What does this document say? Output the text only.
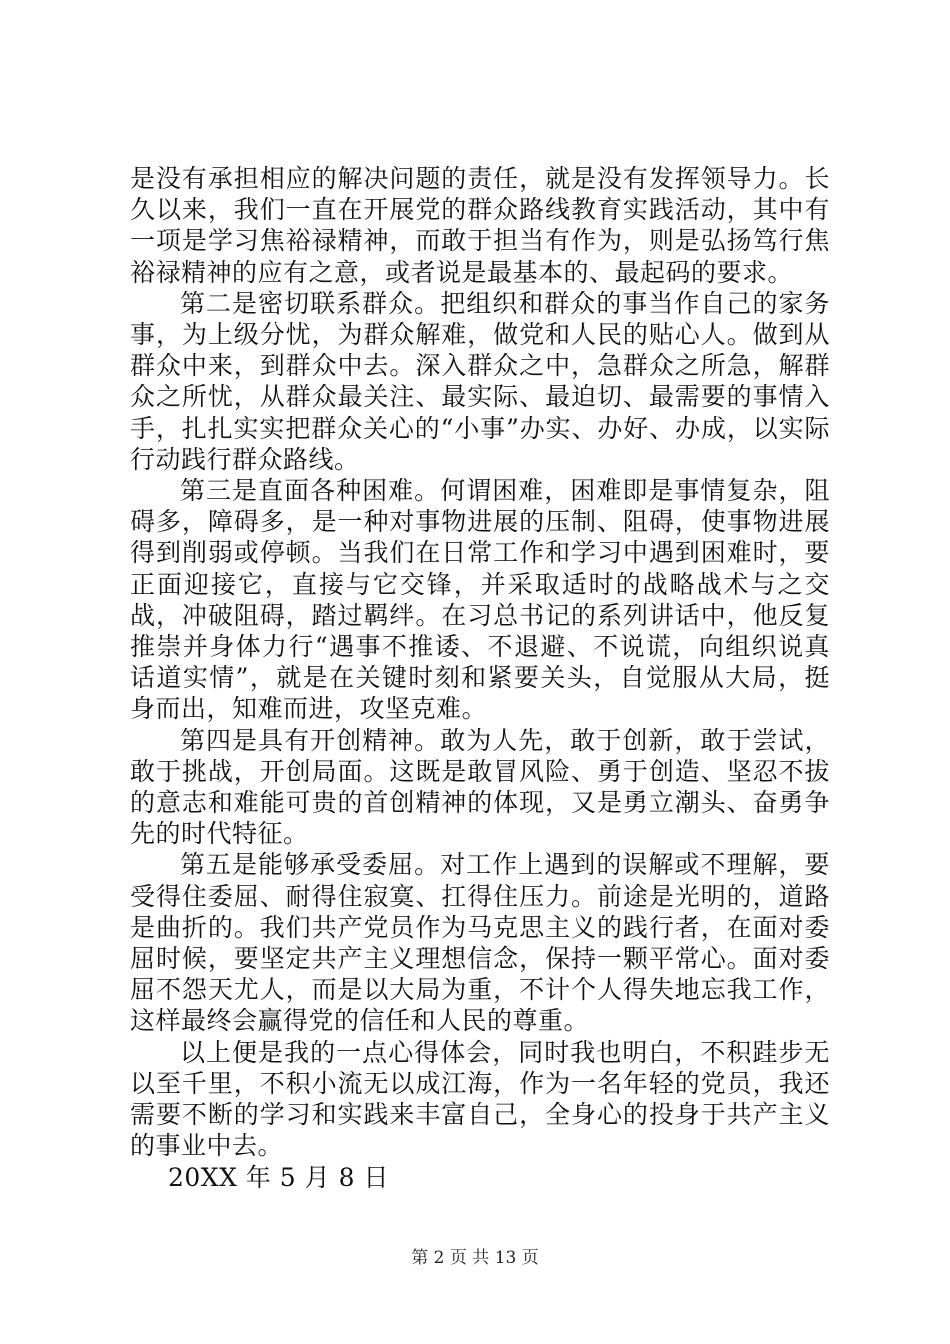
是没有承担相应的解决问题的责任，就是没有发挥领导力。长久以来，我们一直在开展党的群众路线教育实践活动，其中有一项是学习焦裕禄精神，而敢于担当有作为，则是弘扬笃行焦裕禄精神的应有之意，或者说是最基本的、最起码的要求。

第二是密切联系群众。把组织和群众的事当作自己的家务事，为上级分忧，为群众解难，做党和人民的贴心人。做到从群众中来，到群众中去。深入群众之中，急群众之所急，解群众之所忧，从群众最关注、最实际、最迫切、最需要的事情入手，扎扎实实把群众关心的“小事”办实、办好、办成，以实际行动践行群众路线。

第三是直面各种困难。何谓困难，困难即是事情复杂，阻碍多，障碍多，是一种对事物进展的压制、阻碍，使事物进展得到削弱或停顿。当我们在日常工作和学习中遇到困难时，要正面迎接它，直接与它交锋，并采取适时的战略战术与之交战，冲破阻碍，踏过羁绊。在习总书记的系列讲话中，他反复推崇并身体力行“遇事不推诿、不退避、不说谎，向组织说真话道实情”，就是在关键时刻和紧要关头，自觉服从大局，挺身而出，知难而进，攻坚克难。

第四是具有开创精神。敢为人先，敢于创新，敢于尝试，敢于挑战，开创局面。这既是敢冒风险、勇于创造、坚忍不拔的意志和难能可贵的首创精神的体现，又是勇立潮头、奋勇争先的时代特征。

第五是能够承受委屈。对工作上遇到的误解或不理解，要受得住委屈、耐得住寂寞、扛得住压力。前途是光明的，道路是曲折的。我们共产党员作为马克思主义的践行者，在面对委屈时候，要坚定共产主义理想信念，保持一颗平常心。面对委屈不怨天尤人，而是以大局为重，不计个人得失地忘我工作，这样最终会赢得党的信任和人民的尊重。

以上便是我的一点心得体会，同时我也明白，不积跬步无以至千里，不积小流无以成江海，作为一名年轻的党员，我还需要不断的学习和实践来丰富自己，全身心的投身于共产主义的事业中去。

20XX 年 5 月 8 日

第 2 页 共 13 页
